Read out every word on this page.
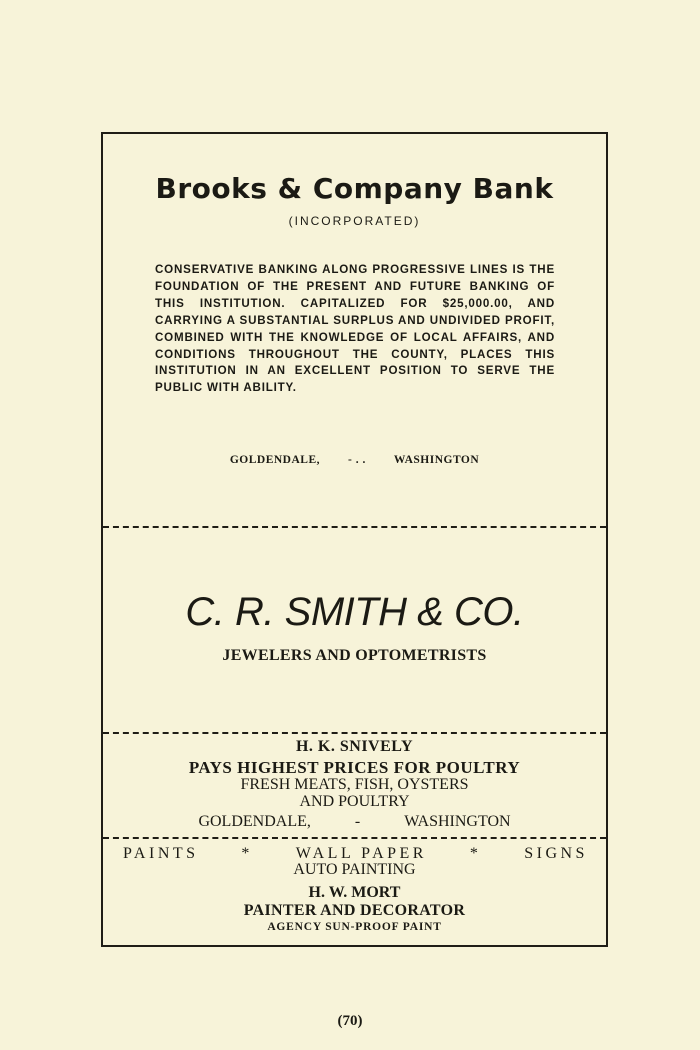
Brooks & Company Bank
(INCORPORATED)
CONSERVATIVE BANKING ALONG PROGRESSIVE LINES IS THE FOUNDATION OF THE PRESENT AND FUTURE BANKING OF THIS INSTITUTION. CAPITALIZED FOR $25,000.00, AND CARRYING A SUBSTANTIAL SURPLUS AND UNDIVIDED PROFIT, COMBINED WITH THE KNOWLEDGE OF LOCAL AFFAIRS, AND CONDITIONS THROUGHOUT THE COUNTY, PLACES THIS INSTITUTION IN AN EXCELLENT POSITION TO SERVE THE PUBLIC WITH ABILITY.
GOLDENDALE, - . . WASHINGTON
C. R. SMITH & CO.
JEWELERS AND OPTOMETRISTS
H. K. SNIVELY
PAYS HIGHEST PRICES FOR POULTRY
FRESH MEATS, FISH, OYSTERS
AND POULTRY
GOLDENDALE,	-	WASHINGTON
PAINTS	*	WALL PAPER	*	SIGNS
AUTO PAINTING
H. W. MORT
PAINTER AND DECORATOR
AGENCY SUN-PROOF PAINT
(70)
